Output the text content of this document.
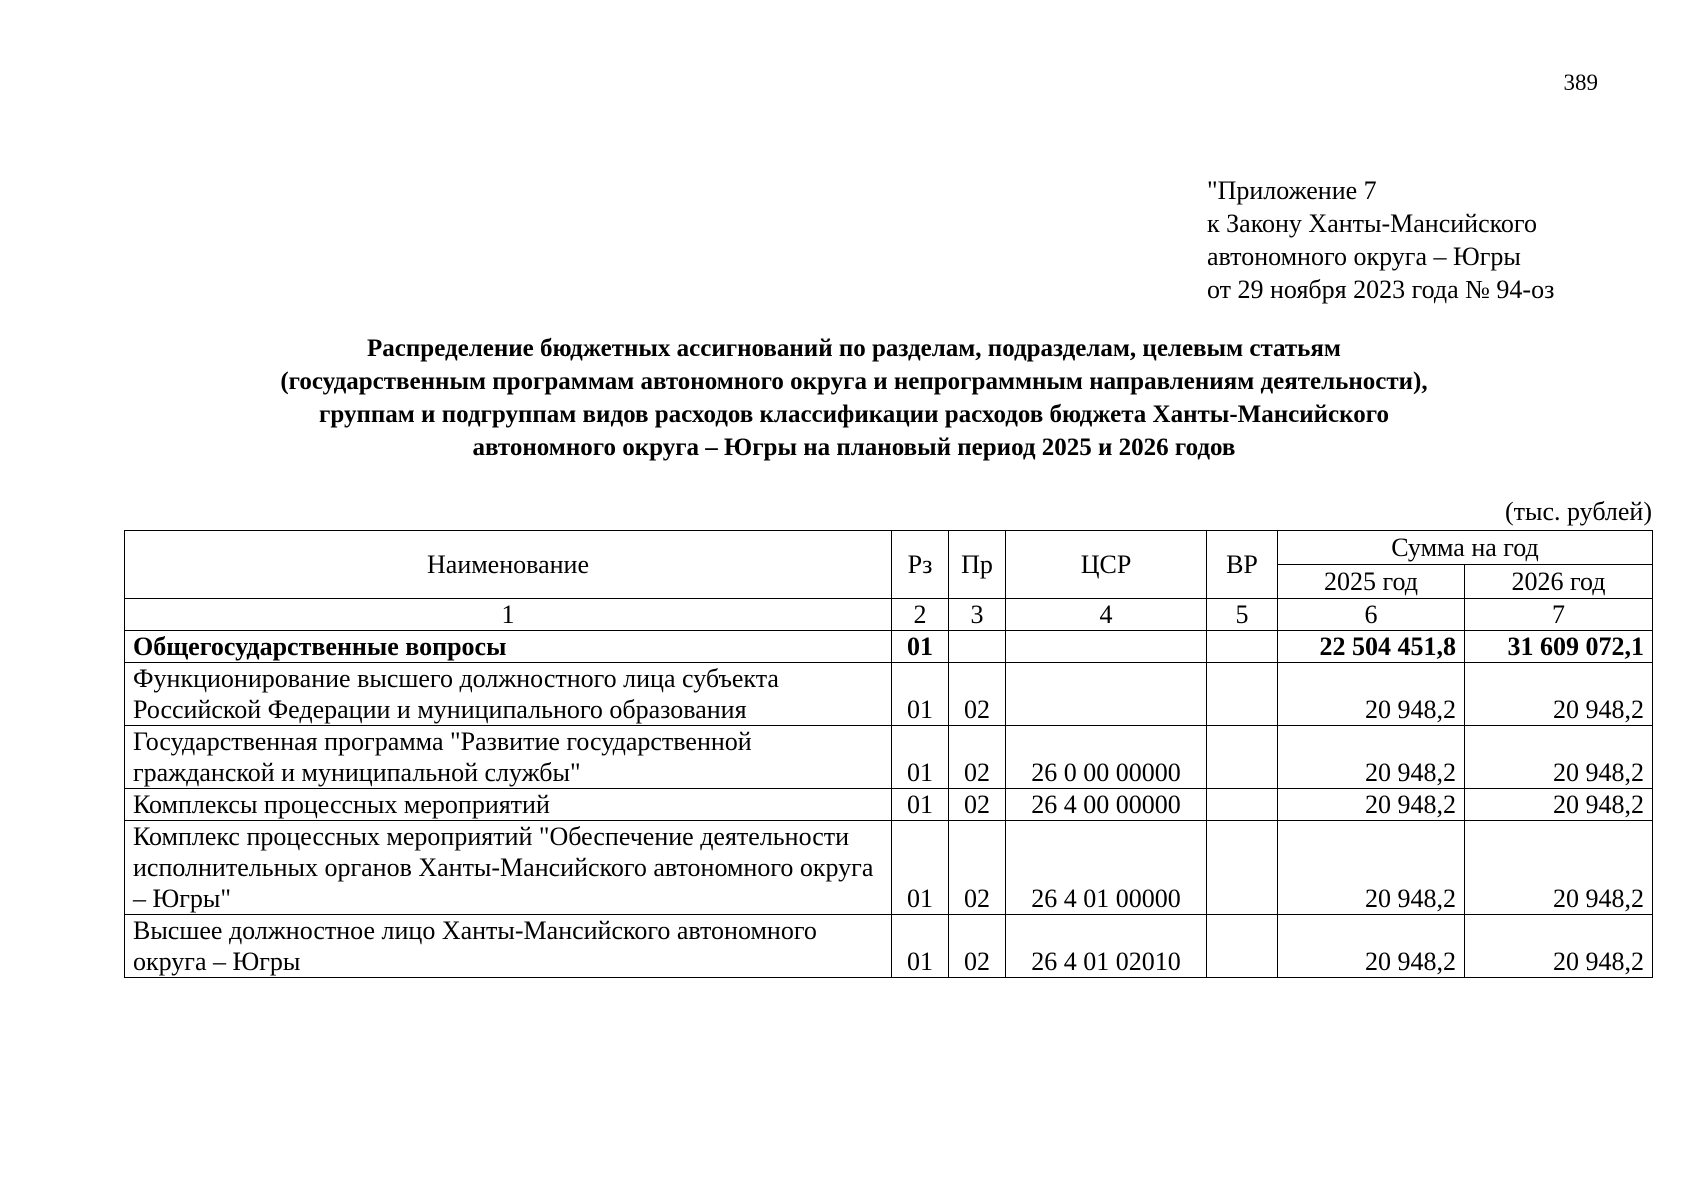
389
"Приложение 7
к Закону Ханты-Мансийского
автономного округа – Югры
от 29 ноября 2023 года № 94-оз
Распределение бюджетных ассигнований по разделам, подразделам, целевым статьям
(государственным программам автономного округа и непрограммным направлениям деятельности),
группам и подгруппам видов расходов классификации расходов бюджета Ханты-Мансийского
автономного округа – Югры на плановый период 2025 и 2026 годов
(тыс. рублей)
Наименование	Рз	Пр	ЦСР	ВР	Сумма на год	
					2025 год	2026 год
1	2	3	4	5	6	7
Общегосударственные вопросы	01				22 504 451,8	31 609 072,1
Функционирование высшего должностного лица субъекта Российской Федерации и муниципального образования	01	02			20 948,2	20 948,2
Государственная программа "Развитие государственной гражданской и муниципальной службы"	01	02	26 0 00 00000		20 948,2	20 948,2
Комплексы процессных мероприятий	01	02	26 4 00 00000		20 948,2	20 948,2
Комплекс процессных мероприятий "Обеспечение деятельности исполнительных органов Ханты-Мансийского автономного округа – Югры"	01	02	26 4 01 00000		20 948,2	20 948,2
Высшее должностное лицо Ханты-Мансийского автономного округа – Югры	01	02	26 4 01 02010		20 948,2	20 948,2
